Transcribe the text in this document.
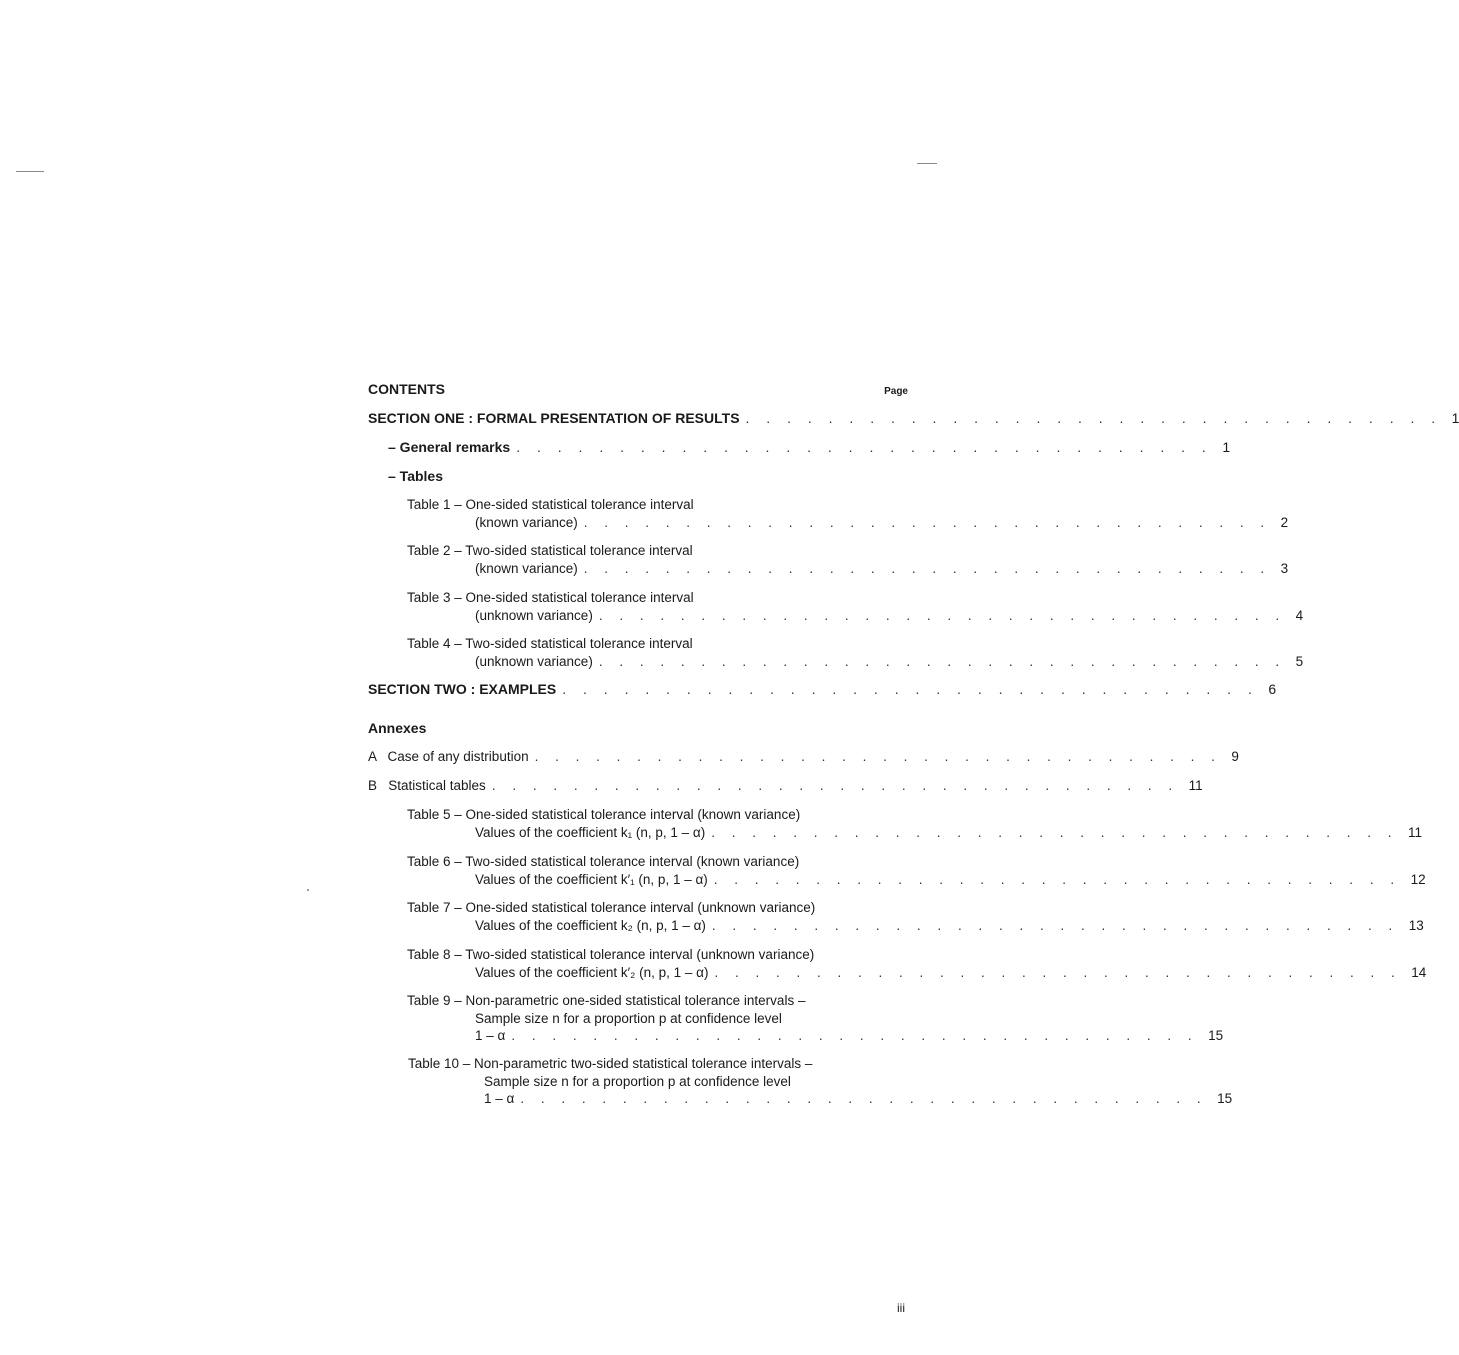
CONTENTS	Page
SECTION ONE : FORMAL PRESENTATION OF RESULTS . . . . . . . . . . . . . . . . . . . . . . . . . . . . . . . . . . 1
– General remarks . . . . . . . . . . . . . . . . . . . . . . . . . . . . . . . . . . 1
– Tables
Table 1 – One-sided statistical tolerance interval
(known variance) . . . . . . . . . . . . . . . . . . . . . . . . . . . . . . . . . . 2
Table 2 – Two-sided statistical tolerance interval
(known variance) . . . . . . . . . . . . . . . . . . . . . . . . . . . . . . . . . . 3
Table 3 – One-sided statistical tolerance interval
(unknown variance) . . . . . . . . . . . . . . . . . . . . . . . . . . . . . . . . . . 4
Table 4 – Two-sided statistical tolerance interval
(unknown variance) . . . . . . . . . . . . . . . . . . . . . . . . . . . . . . . . . . 5
SECTION TWO : EXAMPLES . . . . . . . . . . . . . . . . . . . . . . . . . . . . . . . . . . 6
Annexes
A   Case of any distribution . . . . . . . . . . . . . . . . . . . . . . . . . . . . . . . . . . 9
B   Statistical tables . . . . . . . . . . . . . . . . . . . . . . . . . . . . . . . . . . 11
Table 5 – One-sided statistical tolerance interval (known variance)
Values of the coefficient k₁ (n, p, 1 – α) . . . . . . . . . . . . . . . . . . . . . . . . . . . . . . . . . . 11
Table 6 – Two-sided statistical tolerance interval (known variance)
Values of the coefficient k′₁ (n, p, 1 – α) . . . . . . . . . . . . . . . . . . . . . . . . . . . . . . . . . . 12
Table 7 – One-sided statistical tolerance interval (unknown variance)
Values of the coefficient k₂ (n, p, 1 – α) . . . . . . . . . . . . . . . . . . . . . . . . . . . . . . . . . . 13
Table 8 – Two-sided statistical tolerance interval (unknown variance)
Values of the coefficient k′₂ (n, p, 1 – α) . . . . . . . . . . . . . . . . . . . . . . . . . . . . . . . . . . 14
Table 9 – Non-parametric one-sided statistical tolerance intervals –
Sample size n for a proportion p at confidence level
1 – α . . . . . . . . . . . . . . . . . . . . . . . . . . . . . . . . . . 15
Table 10 – Non-parametric two-sided statistical tolerance intervals –
Sample size n for a proportion p at confidence level
1 – α . . . . . . . . . . . . . . . . . . . . . . . . . . . . . . . . . . 15
iii
